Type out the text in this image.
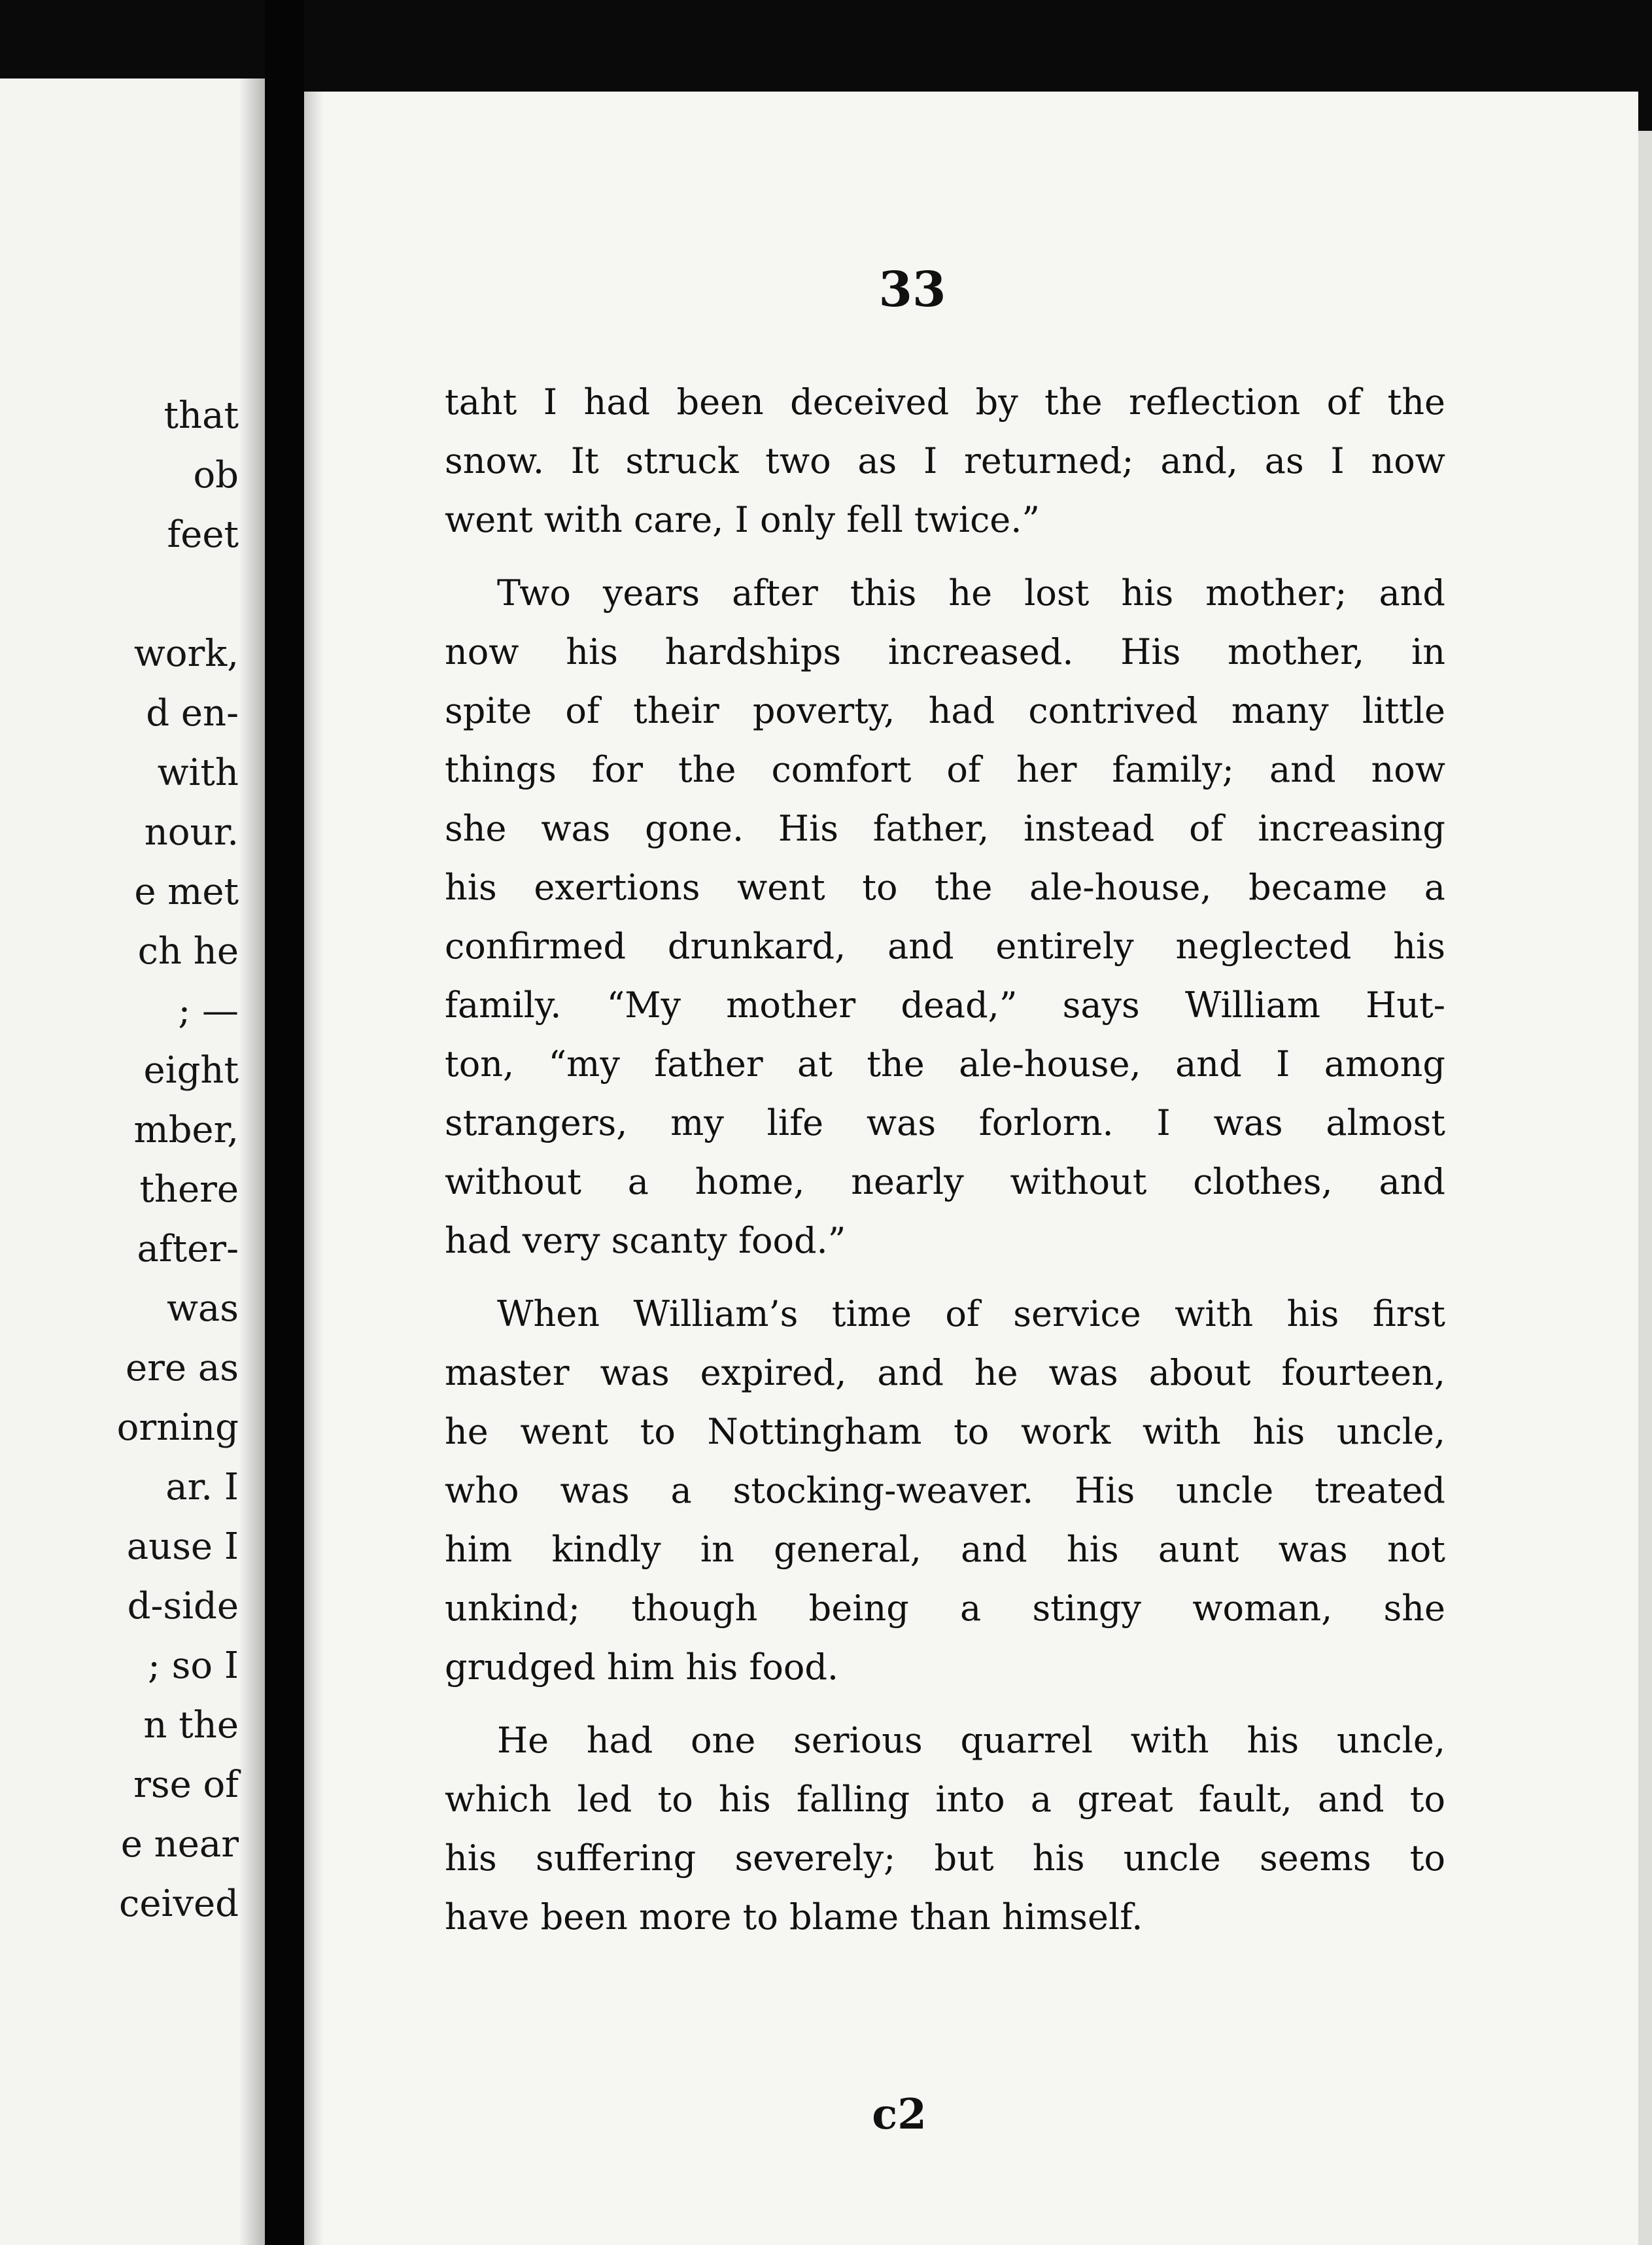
that
ob
feet
work,
d en-
with
nour.
e met
ch he
; —
eight
mber,
there
after-
was
ere as
orning
ar. I
ause I
d-side
; so I
n the
rse of
e near
ceived
33
taht I had been deceived by the reflection of the
snow. It struck two as I returned; and, as I now
went with care, I only fell twice.”
Two years after this he lost his mother; and
now his hardships increased. His mother, in
spite of their poverty, had contrived many little
things for the comfort of her family; and now
she was gone. His father, instead of increasing
his exertions went to the ale-house, became a
confirmed drunkard, and entirely neglected his
family. “My mother dead,” says William Hut-
ton, “my father at the ale-house, and I among
strangers, my life was forlorn. I was almost
without a home, nearly without clothes, and
had very scanty food.”
When William’s time of service with his first
master was expired, and he was about fourteen,
he went to Nottingham to work with his uncle,
who was a stocking-weaver. His uncle treated
him kindly in general, and his aunt was not
unkind; though being a stingy woman, she
grudged him his food.
He had one serious quarrel with his uncle,
which led to his falling into a great fault, and to
his suffering severely; but his uncle seems to
have been more to blame than himself.
c2
